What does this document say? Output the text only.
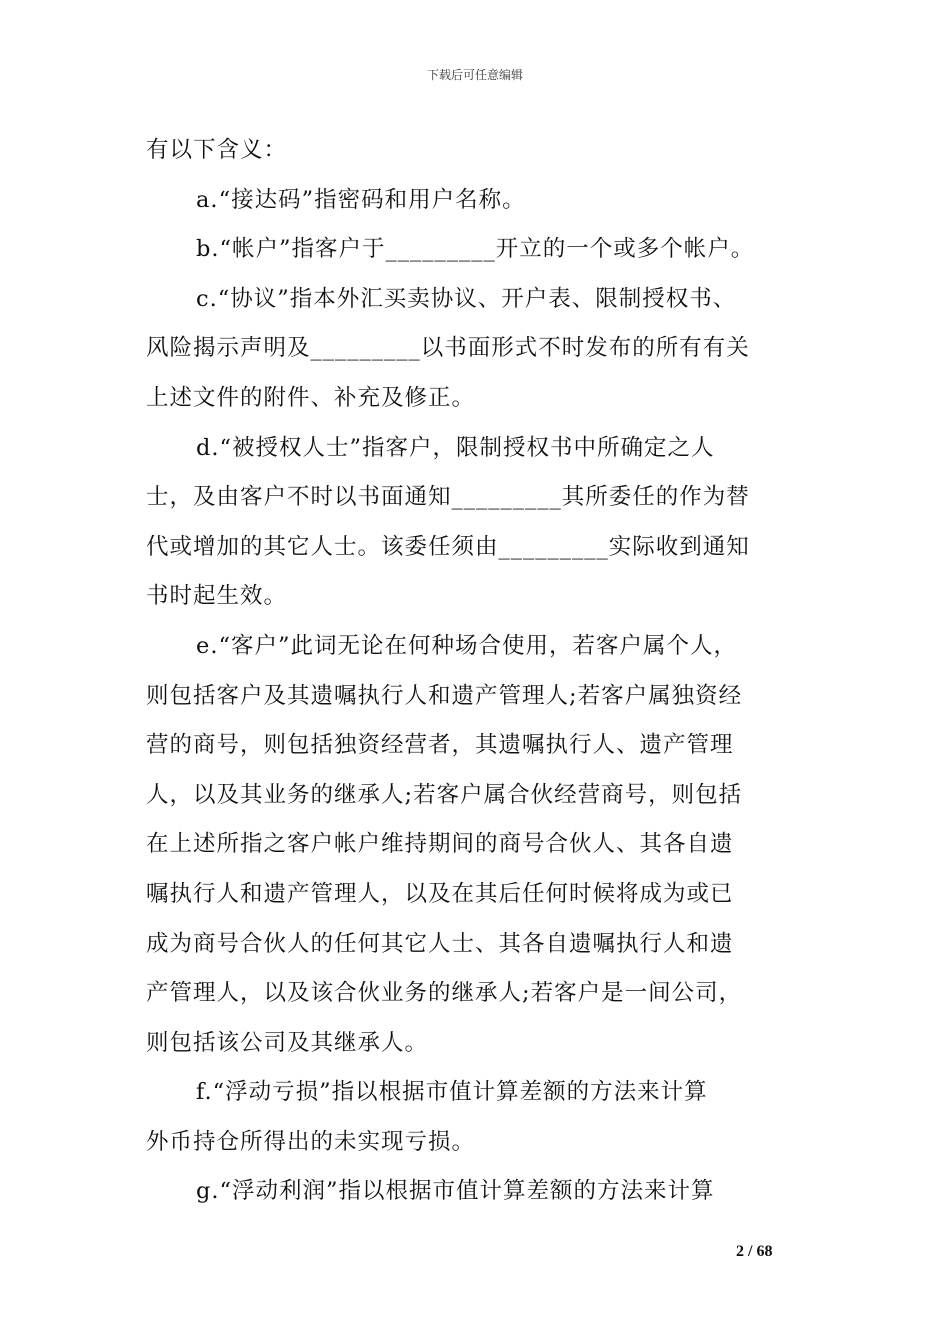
下载后可任意编辑
有以下含义：
a.“接达码”指密码和用户名称。
b.“帐户”指客户于_________开立的一个或多个帐户。
c.“协议”指本外汇买卖协议、开户表、限制授权书、
风险揭示声明及_________以书面形式不时发布的所有有关
上述文件的附件、补充及修正。
d.“被授权人士”指客户，限制授权书中所确定之人
士，及由客户不时以书面通知_________其所委任的作为替
代或增加的其它人士。该委任须由_________实际收到通知
书时起生效。
e.“客户”此词无论在何种场合使用，若客户属个人，
则包括客户及其遗嘱执行人和遗产管理人;若客户属独资经
营的商号，则包括独资经营者，其遗嘱执行人、遗产管理
人，以及其业务的继承人;若客户属合伙经营商号，则包括
在上述所指之客户帐户维持期间的商号合伙人、其各自遗
嘱执行人和遗产管理人，以及在其后任何时候将成为或已
成为商号合伙人的任何其它人士、其各自遗嘱执行人和遗
产管理人，以及该合伙业务的继承人;若客户是一间公司，
则包括该公司及其继承人。
f.“浮动亏损”指以根据市值计算差额的方法来计算
外币持仓所得出的未实现亏损。
g.“浮动利润”指以根据市值计算差额的方法来计算
2 / 68
